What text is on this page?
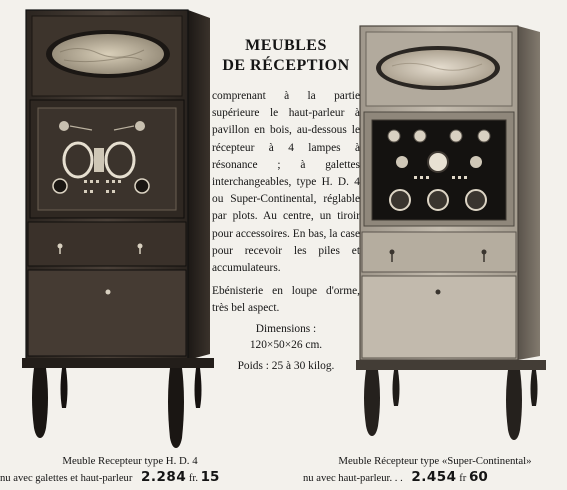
MEUBLES
DE RÉCEPTION
comprenant à la partie supérieure le haut-parleur à pavillon en bois, au-dessous le récepteur à 4 lampes à résonance ; à galettes interchangeables, type H. D. 4 ou Super-Continental, réglable par plots. Au centre, un tiroir pour accessoires. En bas, la case pour recevoir les piles et accumulateurs.
Ebénisterie en loupe d'orme, très bel aspect.
Dimensions :
120×50×26 cm.
Poids : 25 à 30 kilog.
Meuble Recepteur type H. D. 4
nu avec galettes et haut-parleur 2.284 fr. 15
Meuble Récepteur type «Super-Continental»
nu avec haut-parleur. . . 2.454 fr 60
